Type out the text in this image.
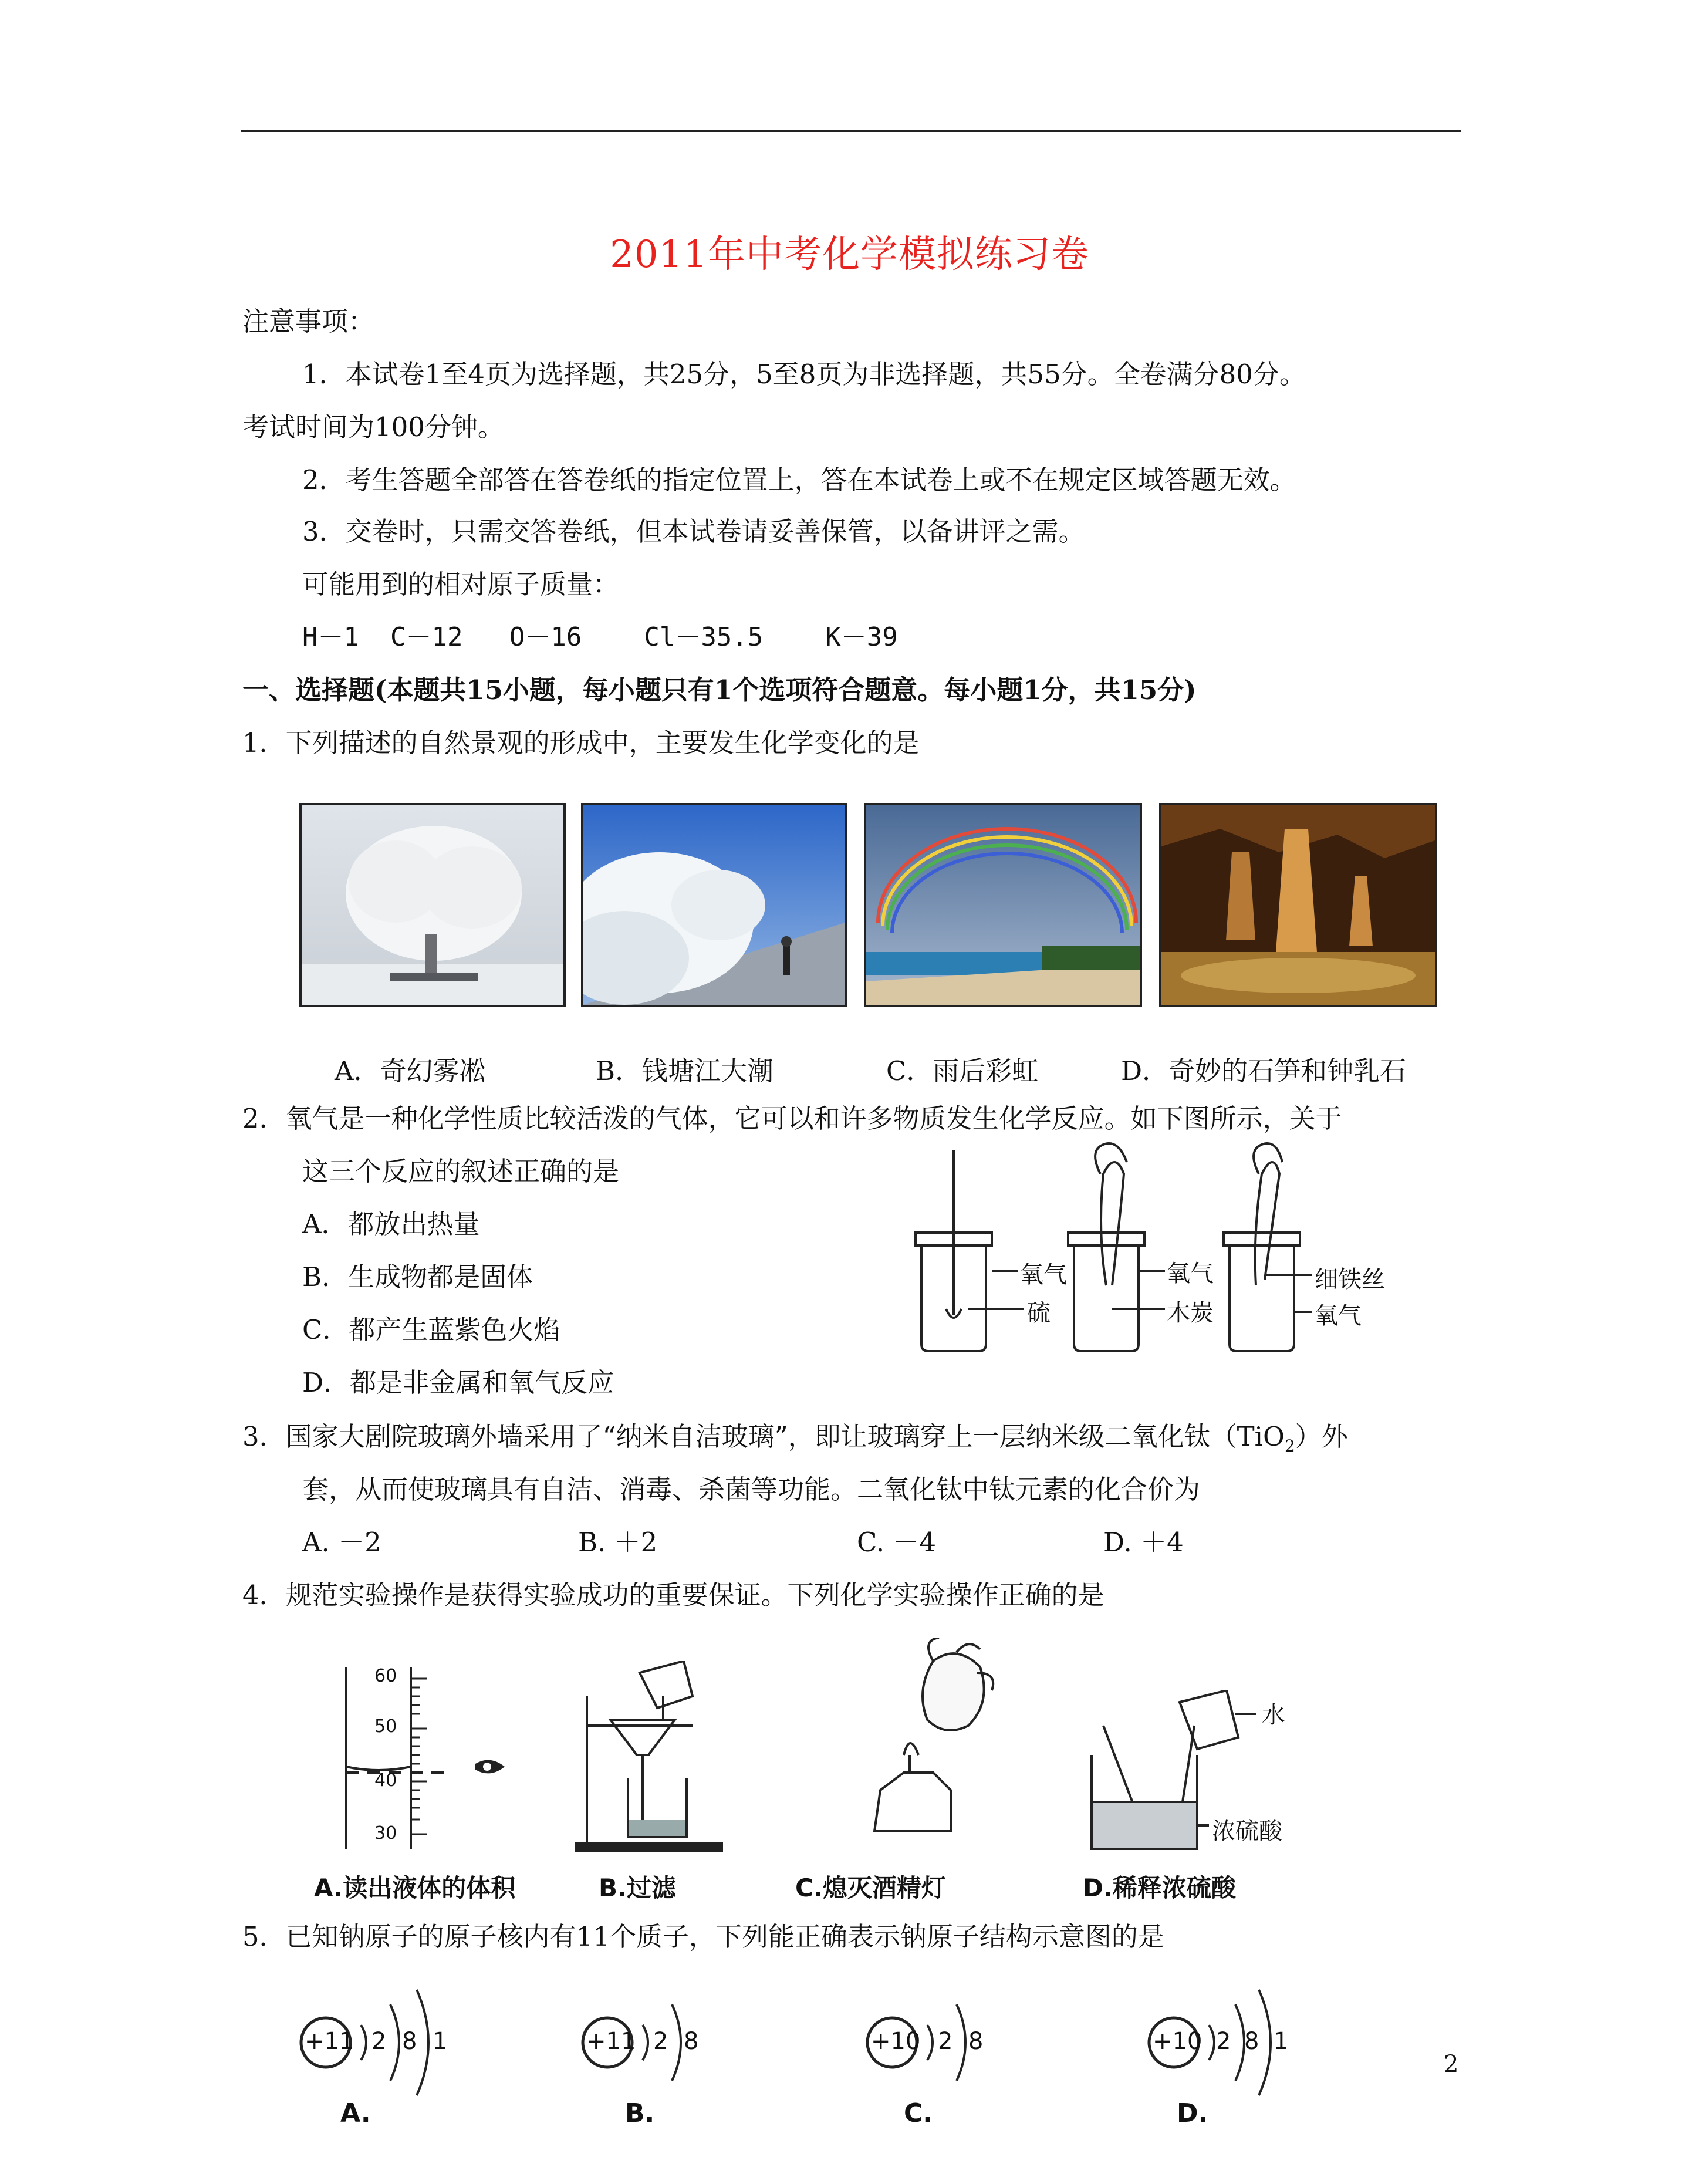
2011年中考化学模拟练习卷
注意事项：
1．本试卷1至4页为选择题，共25分，5至8页为非选择题，共55分。全卷满分80分。
考试时间为100分钟。
2．考生答题全部答在答卷纸的指定位置上，答在本试卷上或不在规定区域答题无效。
3．交卷时，只需交答卷纸，但本试卷请妥善保管，以备讲评之需。
可能用到的相对原子质量：
H－1  C－12   O－16    Cl－35.5    K－39
一、选择题(本题共15小题，每小题只有1个选项符合题意。每小题1分，共15分)
1．下列描述的自然景观的形成中，主要发生化学变化的是
A．奇幻雾凇	B．钱塘江大潮	C．雨后彩虹	D．奇妙的石笋和钟乳石
2．氧气是一种化学性质比较活泼的气体，它可以和许多物质发生化学反应。如下图所示，关于
这三个反应的叙述正确的是
A．都放出热量
B．生成物都是固体
C．都产生蓝紫色火焰
D．都是非金属和氧气反应
氧气
硫
氧气
木炭
细铁丝
氧气
3．国家大剧院玻璃外墙采用了“纳米自洁玻璃”，即让玻璃穿上一层纳米级二氧化钛（TiO$_2$）外
套，从而使玻璃具有自洁、消毒、杀菌等功能。二氧化钛中钛元素的化合价为
A. －2	B. ＋2	C. －4	D. ＋4
4．规范实验操作是获得实验成功的重要保证。下列化学实验操作正确的是
60
50
40
30
水
浓硫酸
A.读出液体的体积	B.过滤	C.熄灭酒精灯	D.稀释浓硫酸
5．已知钠原子的原子核内有11个质子，下列能正确表示钠原子结构示意图的是
+11 2 8 1
A.
+11 2 8
B.
+10 2 8
C.
+10 2 8 1
D.
2
